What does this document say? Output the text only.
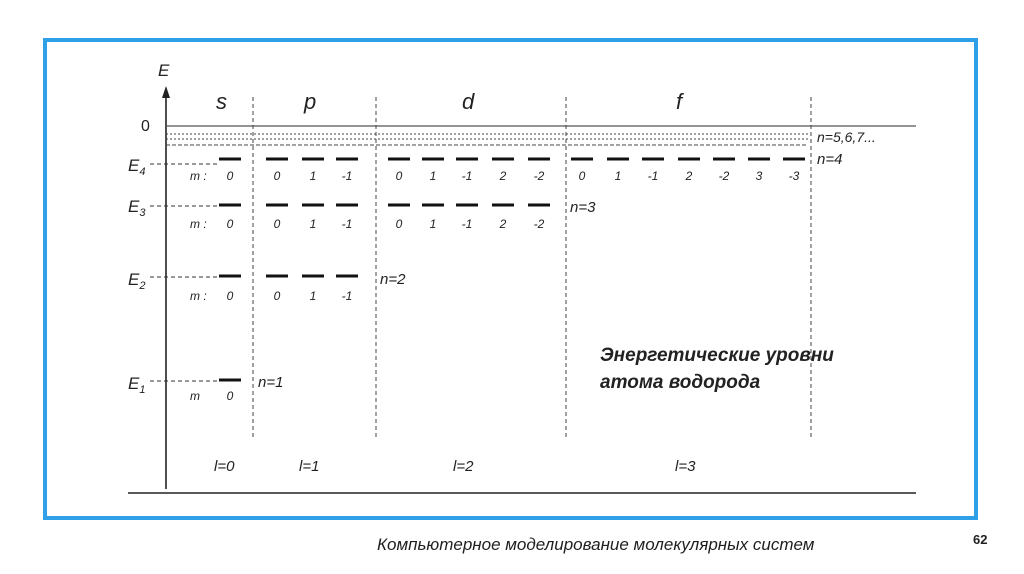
E
0
n=5,6,7...
s	p	d	f
$E_4$
$E_3$
$E_2$
$E_1$
m :
m :
m :
m
0	0 1 -1	0 1 -1 2 -2	0 1 -1 2 -2 3 -3
0	0 1 -1	0 1 -1 2 -2
0	0 1 -1
0
n=1
n=2
n=3
n=4
l=0	l=1	l=2	l=3
Энергетические уровни
атома водорода
Компьютерное моделирование молекулярных систем	62
